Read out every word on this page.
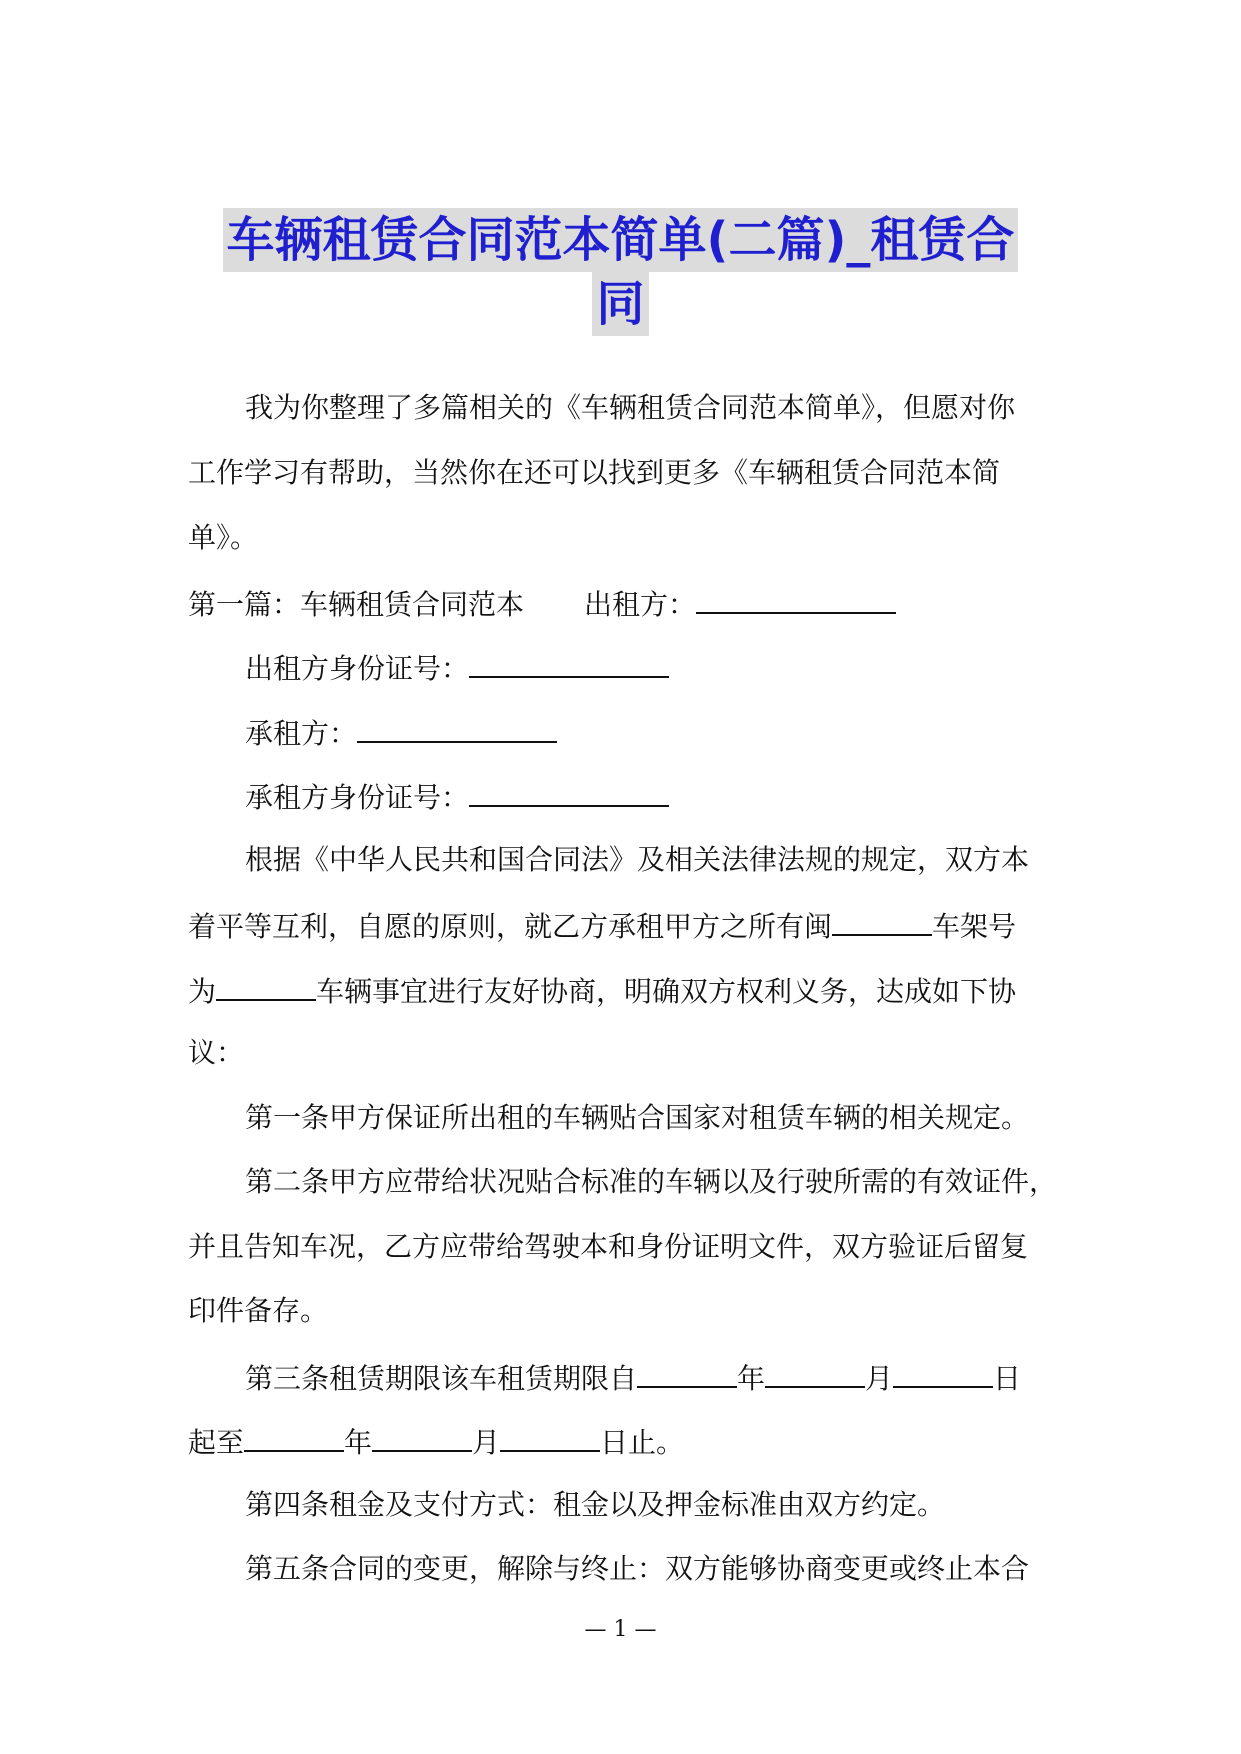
车辆租赁合同范本简单(二篇)_租赁合
同
我为你整理了多篇相关的《车辆租赁合同范本简单》，但愿对你
工作学习有帮助，当然你在还可以找到更多《车辆租赁合同范本简
单》。
第一篇：车辆租赁合同范本 出租方：
出租方身份证号：
承租方：
承租方身份证号：
根据《中华人民共和国合同法》及相关法律法规的规定，双方本
着平等互利，自愿的原则，就乙方承租甲方之所有闽	车架号
为	车辆事宜进行友好协商，明确双方权利义务，达成如下协
议：
第一条甲方保证所出租的车辆贴合国家对租赁车辆的相关规定。
第二条甲方应带给状况贴合标准的车辆以及行驶所需的有效证件，
并且告知车况，乙方应带给驾驶本和身份证明文件，双方验证后留复
印件备存。
第三条租赁期限该车租赁期限自	年	月	日
起至	年	月	日止。
第四条租金及支付方式：租金以及押金标准由双方约定。
第五条合同的变更，解除与终止：双方能够协商变更或终止本合
— 1 —
